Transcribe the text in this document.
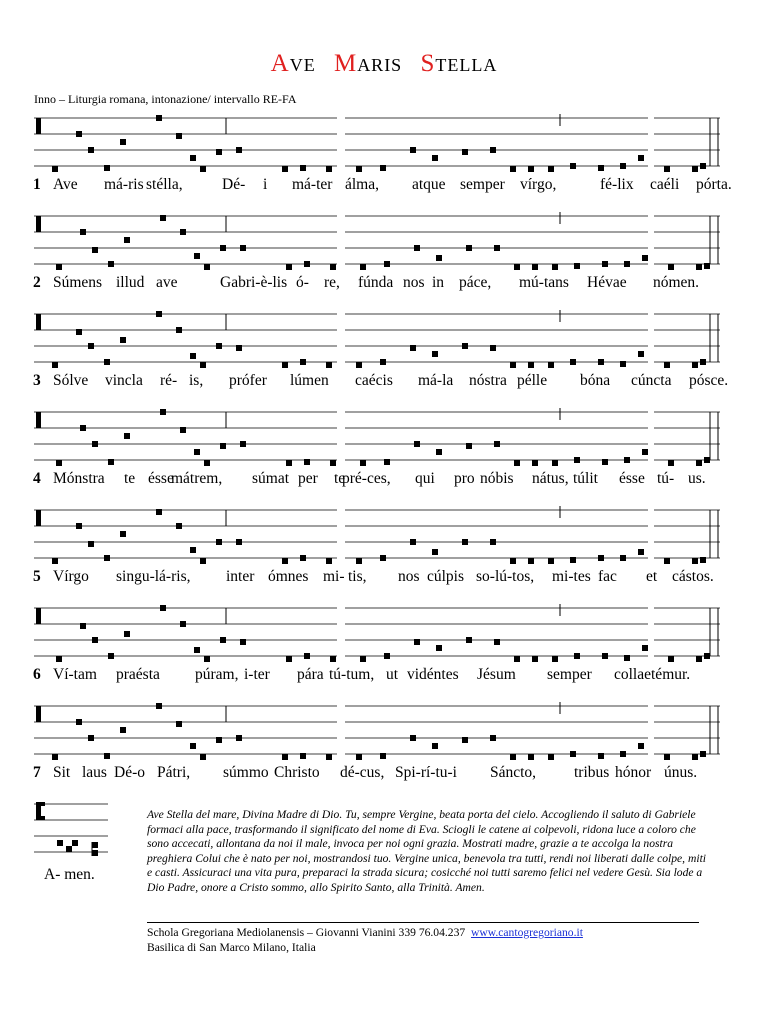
AVE MARIS STELLA
Inno – Liturgia romana, intonazione/ intervallo RE-FA
1 Ave má-ris stélla,	Dé- i má-ter álma, atque semper vírgo,	fé-lix caéli pórta.
2 Súmens illud ave	Gabri-è-lis ó- re, fúnda nos in páce, mú-tans Hévae nómen.
3 Sólve vincla ré- is, prófer lúmen caécis má-la nóstra pélle bóna cúncta pósce.
4 Mónstra te ésse
mátrem, súmat per te
pré-ces, qui pro nóbis nátus, túlit ésse tú- us.
5 Vírgo singu-lá-ris, inter ómnes mi- tis, nos cúlpis so-lú-tos, mi-tes fac et cástos.
6 Ví-tam praésta púram, i-ter pára tú-tum, ut vidéntes Jésum semper collaetémur.
7 Sit laus Dé-o Pátri, súmmo Christo dé-cus, Spi-rí-tu-i Sáncto, tribus hónor únus.
A- men.
Ave Stella del mare, Divina Madre di Dio. Tu, sempre Vergine, beata porta del cielo. Accogliendo il saluto di Gabriele formaci alla pace, trasformando il significato del nome di Eva. Sciogli le catene ai colpevoli, ridona luce a coloro che sono accecati, allontana da noi il male, invoca per noi ogni grazia. Mostrati madre, grazie a te accolga la nostra preghiera Colui che è nato per noi, mostrandosi tuo. Vergine unica, benevola tra tutti, rendi noi liberati dalle colpe, miti e casti. Assicuraci una vita pura, preparaci la strada sicura; cosicché noi tutti saremo felici nel vedere Gesù. Sia lode a Dio Padre, onore a Cristo sommo, allo Spirito Santo, alla Trinità. Amen.
Schola Gregoriana Mediolanensis – Giovanni Vianini 339 76.04.237 www.cantogregoriano.it
Basilica di San Marco Milano, Italia
